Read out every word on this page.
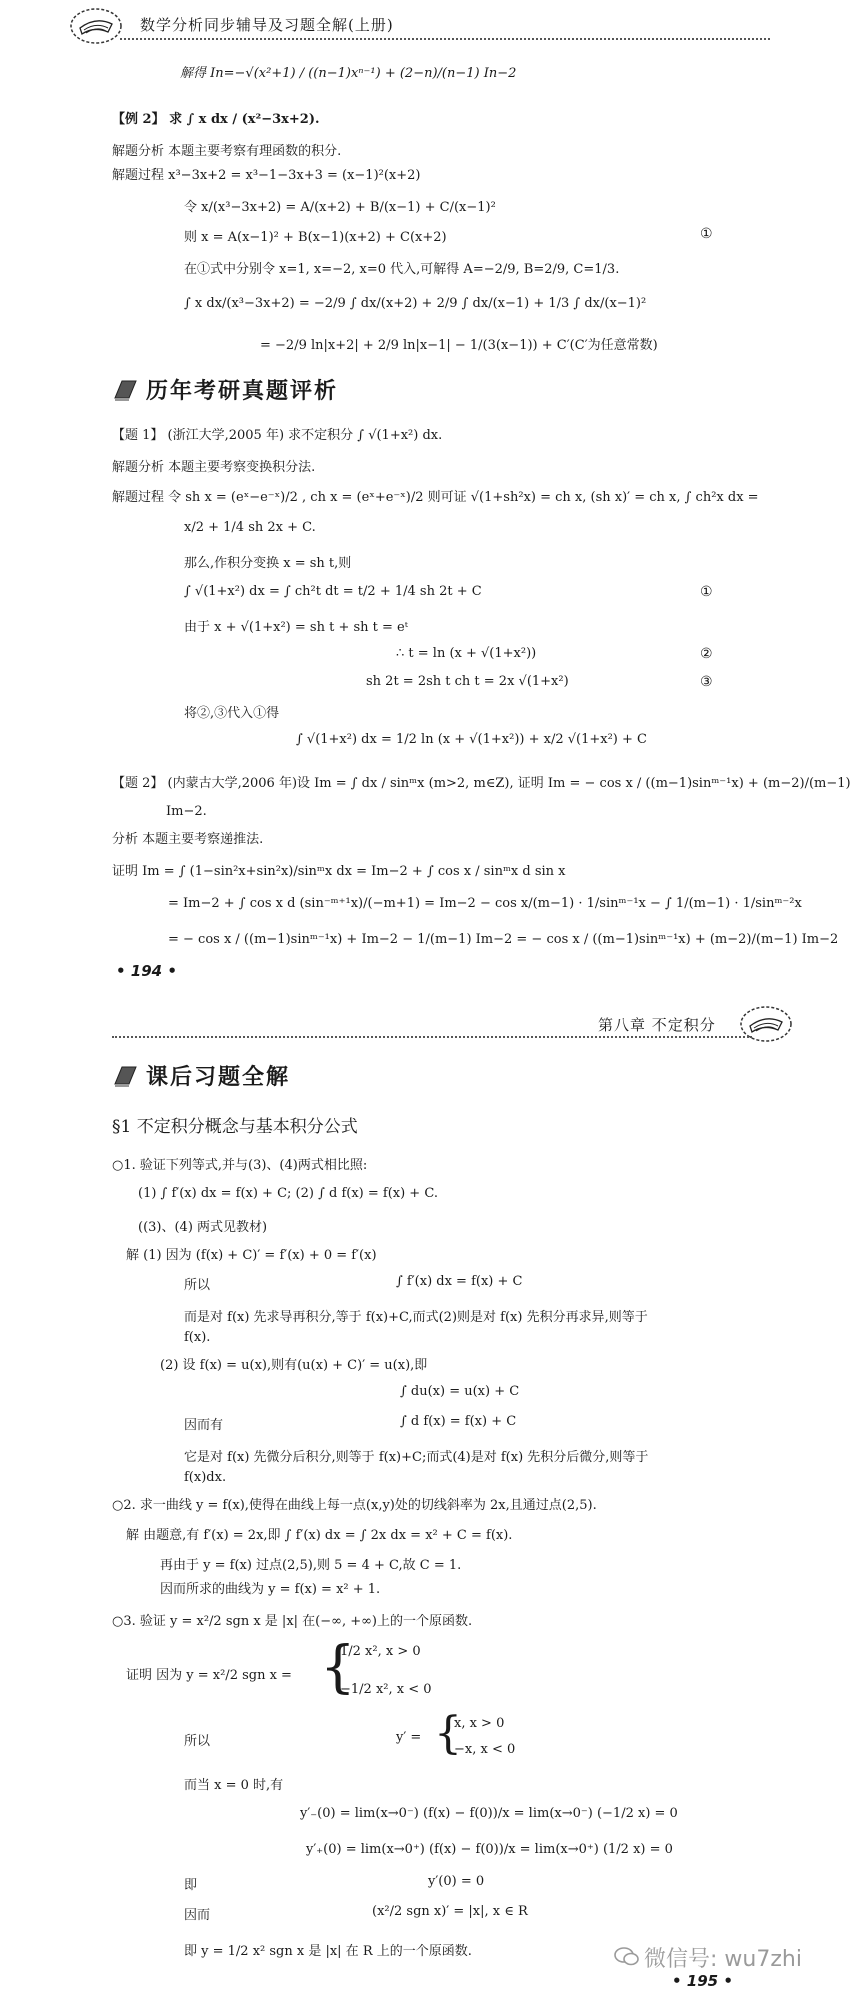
数学分析同步辅导及习题全解(上册)
解得 In=−√(x²+1) / ((n−1)xⁿ⁻¹) + (2−n)/(n−1) In−2
【例 2】 求 ∫ x dx / (x²−3x+2).
解题分析 本题主要考察有理函数的积分.
解题过程 x³−3x+2 = x³−1−3x+3 = (x−1)²(x+2)
令 x/(x³−3x+2) = A/(x+2) + B/(x−1) + C/(x−1)²
则 x = A(x−1)² + B(x−1)(x+2) + C(x+2)	①
在①式中分别令 x=1, x=−2, x=0 代入,可解得 A=−2/9, B=2/9, C=1/3.
∫ x dx/(x³−3x+2) = −2/9 ∫ dx/(x+2) + 2/9 ∫ dx/(x−1) + 1/3 ∫ dx/(x−1)²
= −2/9 ln|x+2| + 2/9 ln|x−1| − 1/(3(x−1)) + C′(C′为任意常数)
历年考研真题评析
【题 1】 (浙江大学,2005 年) 求不定积分 ∫ √(1+x²) dx.
解题分析 本题主要考察变换积分法.
解题过程 令 sh x = (eˣ−e⁻ˣ)/2 , ch x = (eˣ+e⁻ˣ)/2 则可证 √(1+sh²x) = ch x, (sh x)′ = ch x, ∫ ch²x dx =
x/2 + 1/4 sh 2x + C.
那么,作积分变换 x = sh t,则
∫ √(1+x²) dx = ∫ ch²t dt = t/2 + 1/4 sh 2t + C	①
由于 x + √(1+x²) = sh t + sh t = eᵗ
∴ t = ln (x + √(1+x²))	②
sh 2t = 2sh t ch t = 2x √(1+x²)	③
将②,③代入①得
∫ √(1+x²) dx = 1/2 ln (x + √(1+x²)) + x/2 √(1+x²) + C
【题 2】 (内蒙古大学,2006 年)设 Im = ∫ dx / sinᵐx (m>2, m∈Z), 证明 Im = − cos x / ((m−1)sinᵐ⁻¹x) + (m−2)/(m−1)
Im−2.
分析 本题主要考察递推法.
证明 Im = ∫ (1−sin²x+sin²x)/sinᵐx dx = Im−2 + ∫ cos x / sinᵐx d sin x
= Im−2 + ∫ cos x d (sin⁻ᵐ⁺¹x)/(−m+1) = Im−2 − cos x/(m−1) · 1/sinᵐ⁻¹x − ∫ 1/(m−1) · 1/sinᵐ⁻²x
= − cos x / ((m−1)sinᵐ⁻¹x) + Im−2 − 1/(m−1) Im−2 = − cos x / ((m−1)sinᵐ⁻¹x) + (m−2)/(m−1) Im−2
• 194 •
第八章 不定积分
课后习题全解
§1 不定积分概念与基本积分公式
○1. 验证下列等式,并与(3)、(4)两式相比照:
(1) ∫ f′(x) dx = f(x) + C; (2) ∫ d f(x) = f(x) + C.
((3)、(4) 两式见教材)
解 (1) 因为 (f(x) + C)′ = f′(x) + 0 = f′(x)
所以	∫ f′(x) dx = f(x) + C
而是对 f(x) 先求导再积分,等于 f(x)+C,而式(2)则是对 f(x) 先积分再求异,则等于
f(x).
(2) 设 f(x) = u(x),则有(u(x) + C)′ = u(x),即
∫ du(x) = u(x) + C
因而有	∫ d f(x) = f(x) + C
它是对 f(x) 先微分后积分,则等于 f(x)+C;而式(4)是对 f(x) 先积分后微分,则等于
f(x)dx.
○2. 求一曲线 y = f(x),使得在曲线上每一点(x,y)处的切线斜率为 2x,且通过点(2,5).
解 由题意,有 f′(x) = 2x,即 ∫ f′(x) dx = ∫ 2x dx = x² + C = f(x).
再由于 y = f(x) 过点(2,5),则 5 = 4 + C,故 C = 1.
因而所求的曲线为 y = f(x) = x² + 1.
○3. 验证 y = x²/2 sgn x 是 |x| 在(−∞, +∞)上的一个原函数.
证明 因为 y = x²/2 sgn x = {
1/2 x², x > 0
−1/2 x², x < 0
所以	y′ = {
x, x > 0
−x, x < 0
而当 x = 0 时,有
y′₋(0) = lim(x→0⁻) (f(x) − f(0))/x = lim(x→0⁻) (−1/2 x) = 0
y′₊(0) = lim(x→0⁺) (f(x) − f(0))/x = lim(x→0⁺) (1/2 x) = 0
即	y′(0) = 0
因而	(x²/2 sgn x)′ = |x|, x ∈ R
即 y = 1/2 x² sgn x 是 |x| 在 R 上的一个原函数.	微信号: wu7zhi
• 195 •
